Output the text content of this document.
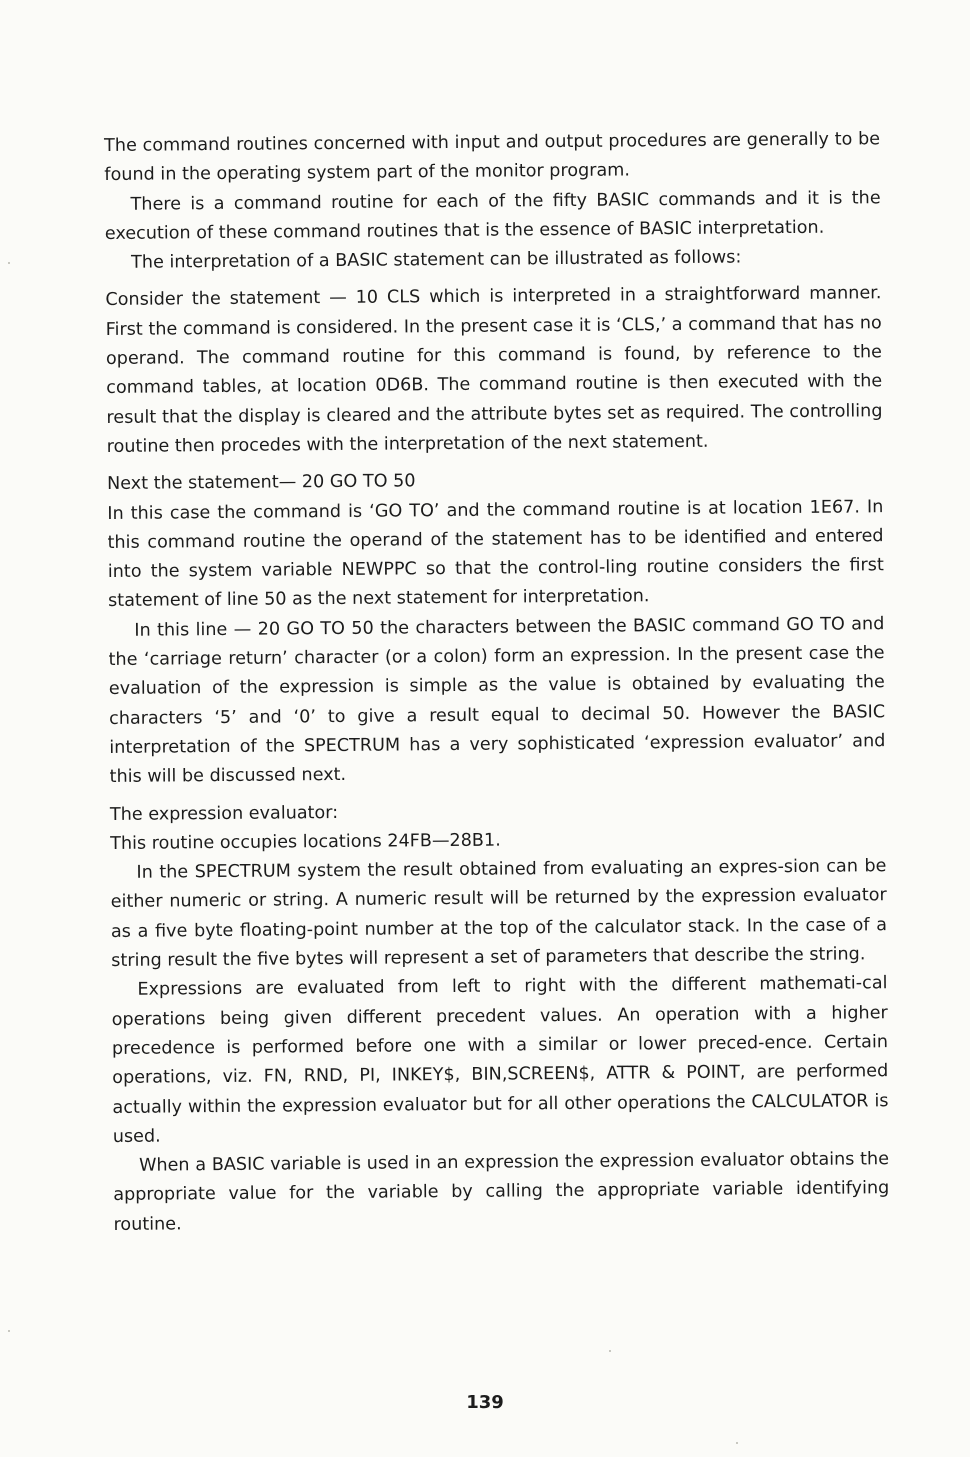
The command routines concerned with input and output procedures are generally to be found in the operating system part of the monitor program.

There is a command routine for each of the fifty BASIC commands and it is the execution of these command routines that is the essence of BASIC interpretation.

The interpretation of a BASIC statement can be illustrated as follows:

Consider the statement — 10 CLS which is interpreted in a straightforward manner. First the command is considered. In the present case it is ‘CLS,’ a command that has no operand. The command routine for this command is found, by reference to the command tables, at location 0D6B. The command routine is then executed with the result that the display is cleared and the attribute bytes set as required. The controlling routine then procedes with the interpretation of the next statement.

Next the statement— 20 GO TO 50

In this case the command is ‘GO TO’ and the command routine is at location 1E67. In this command routine the operand of the statement has to be identified and entered into the system variable NEWPPC so that the control-ling routine considers the first statement of line 50 as the next statement for interpretation.

In this line — 20 GO TO 50 the characters between the BASIC command GO TO and the ‘carriage return’ character (or a colon) form an expression. In the present case the evaluation of the expression is simple as the value is obtained by evaluating the characters ‘5’ and ‘0’ to give a result equal to decimal 50. However the BASIC interpretation of the SPECTRUM has a very sophisticated ‘expression evaluator’ and this will be discussed next.

The expression evaluator:

This routine occupies locations 24FB—28B1.

In the SPECTRUM system the result obtained from evaluating an expres-sion can be either numeric or string. A numeric result will be returned by the expression evaluator as a five byte floating-point number at the top of the calculator stack. In the case of a string result the five bytes will represent a set of parameters that describe the string.

Expressions are evaluated from left to right with the different mathemati-cal operations being given different precedent values. An operation with a higher precedence is performed before one with a similar or lower preced-ence. Certain operations, viz. FN, RND, PI, INKEY$, BIN,SCREEN$, ATTR & POINT, are performed actually within the expression evaluator but for all other operations the CALCULATOR is used.

When a BASIC variable is used in an expression the expression evaluator obtains the appropriate value for the variable by calling the appropriate variable identifying routine.

139
